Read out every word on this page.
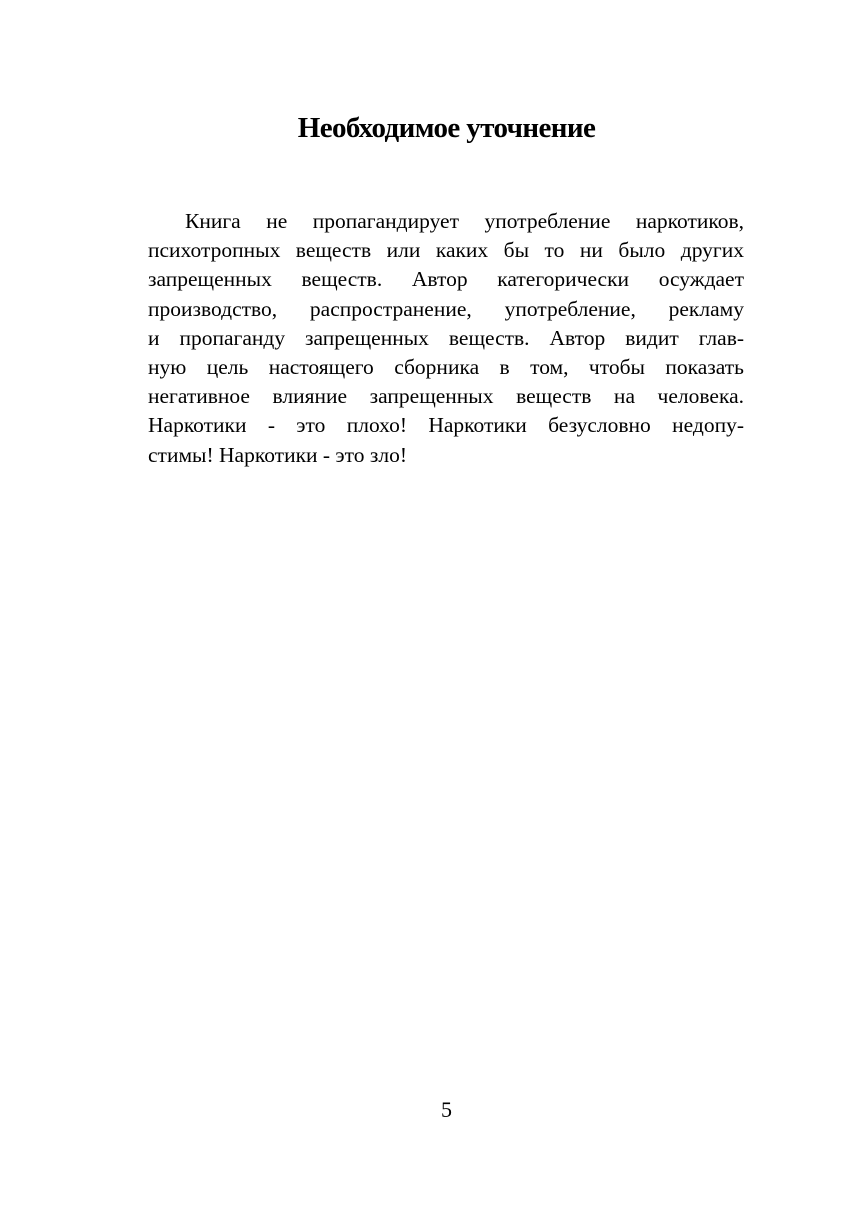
Необходимое уточнение

Книга не пропагандирует употребление наркотиков,
психотропных веществ или каких бы то ни было других
запрещенных веществ. Автор категорически осуждает
производство, распространение, употребление, рекламу
и пропаганду запрещенных веществ. Автор видит глав-
ную цель настоящего сборника в том, чтобы показать
негативное влияние запрещенных веществ на человека.
Наркотики - это плохо! Наркотики безусловно недопу-
стимы! Наркотики - это зло!

5
